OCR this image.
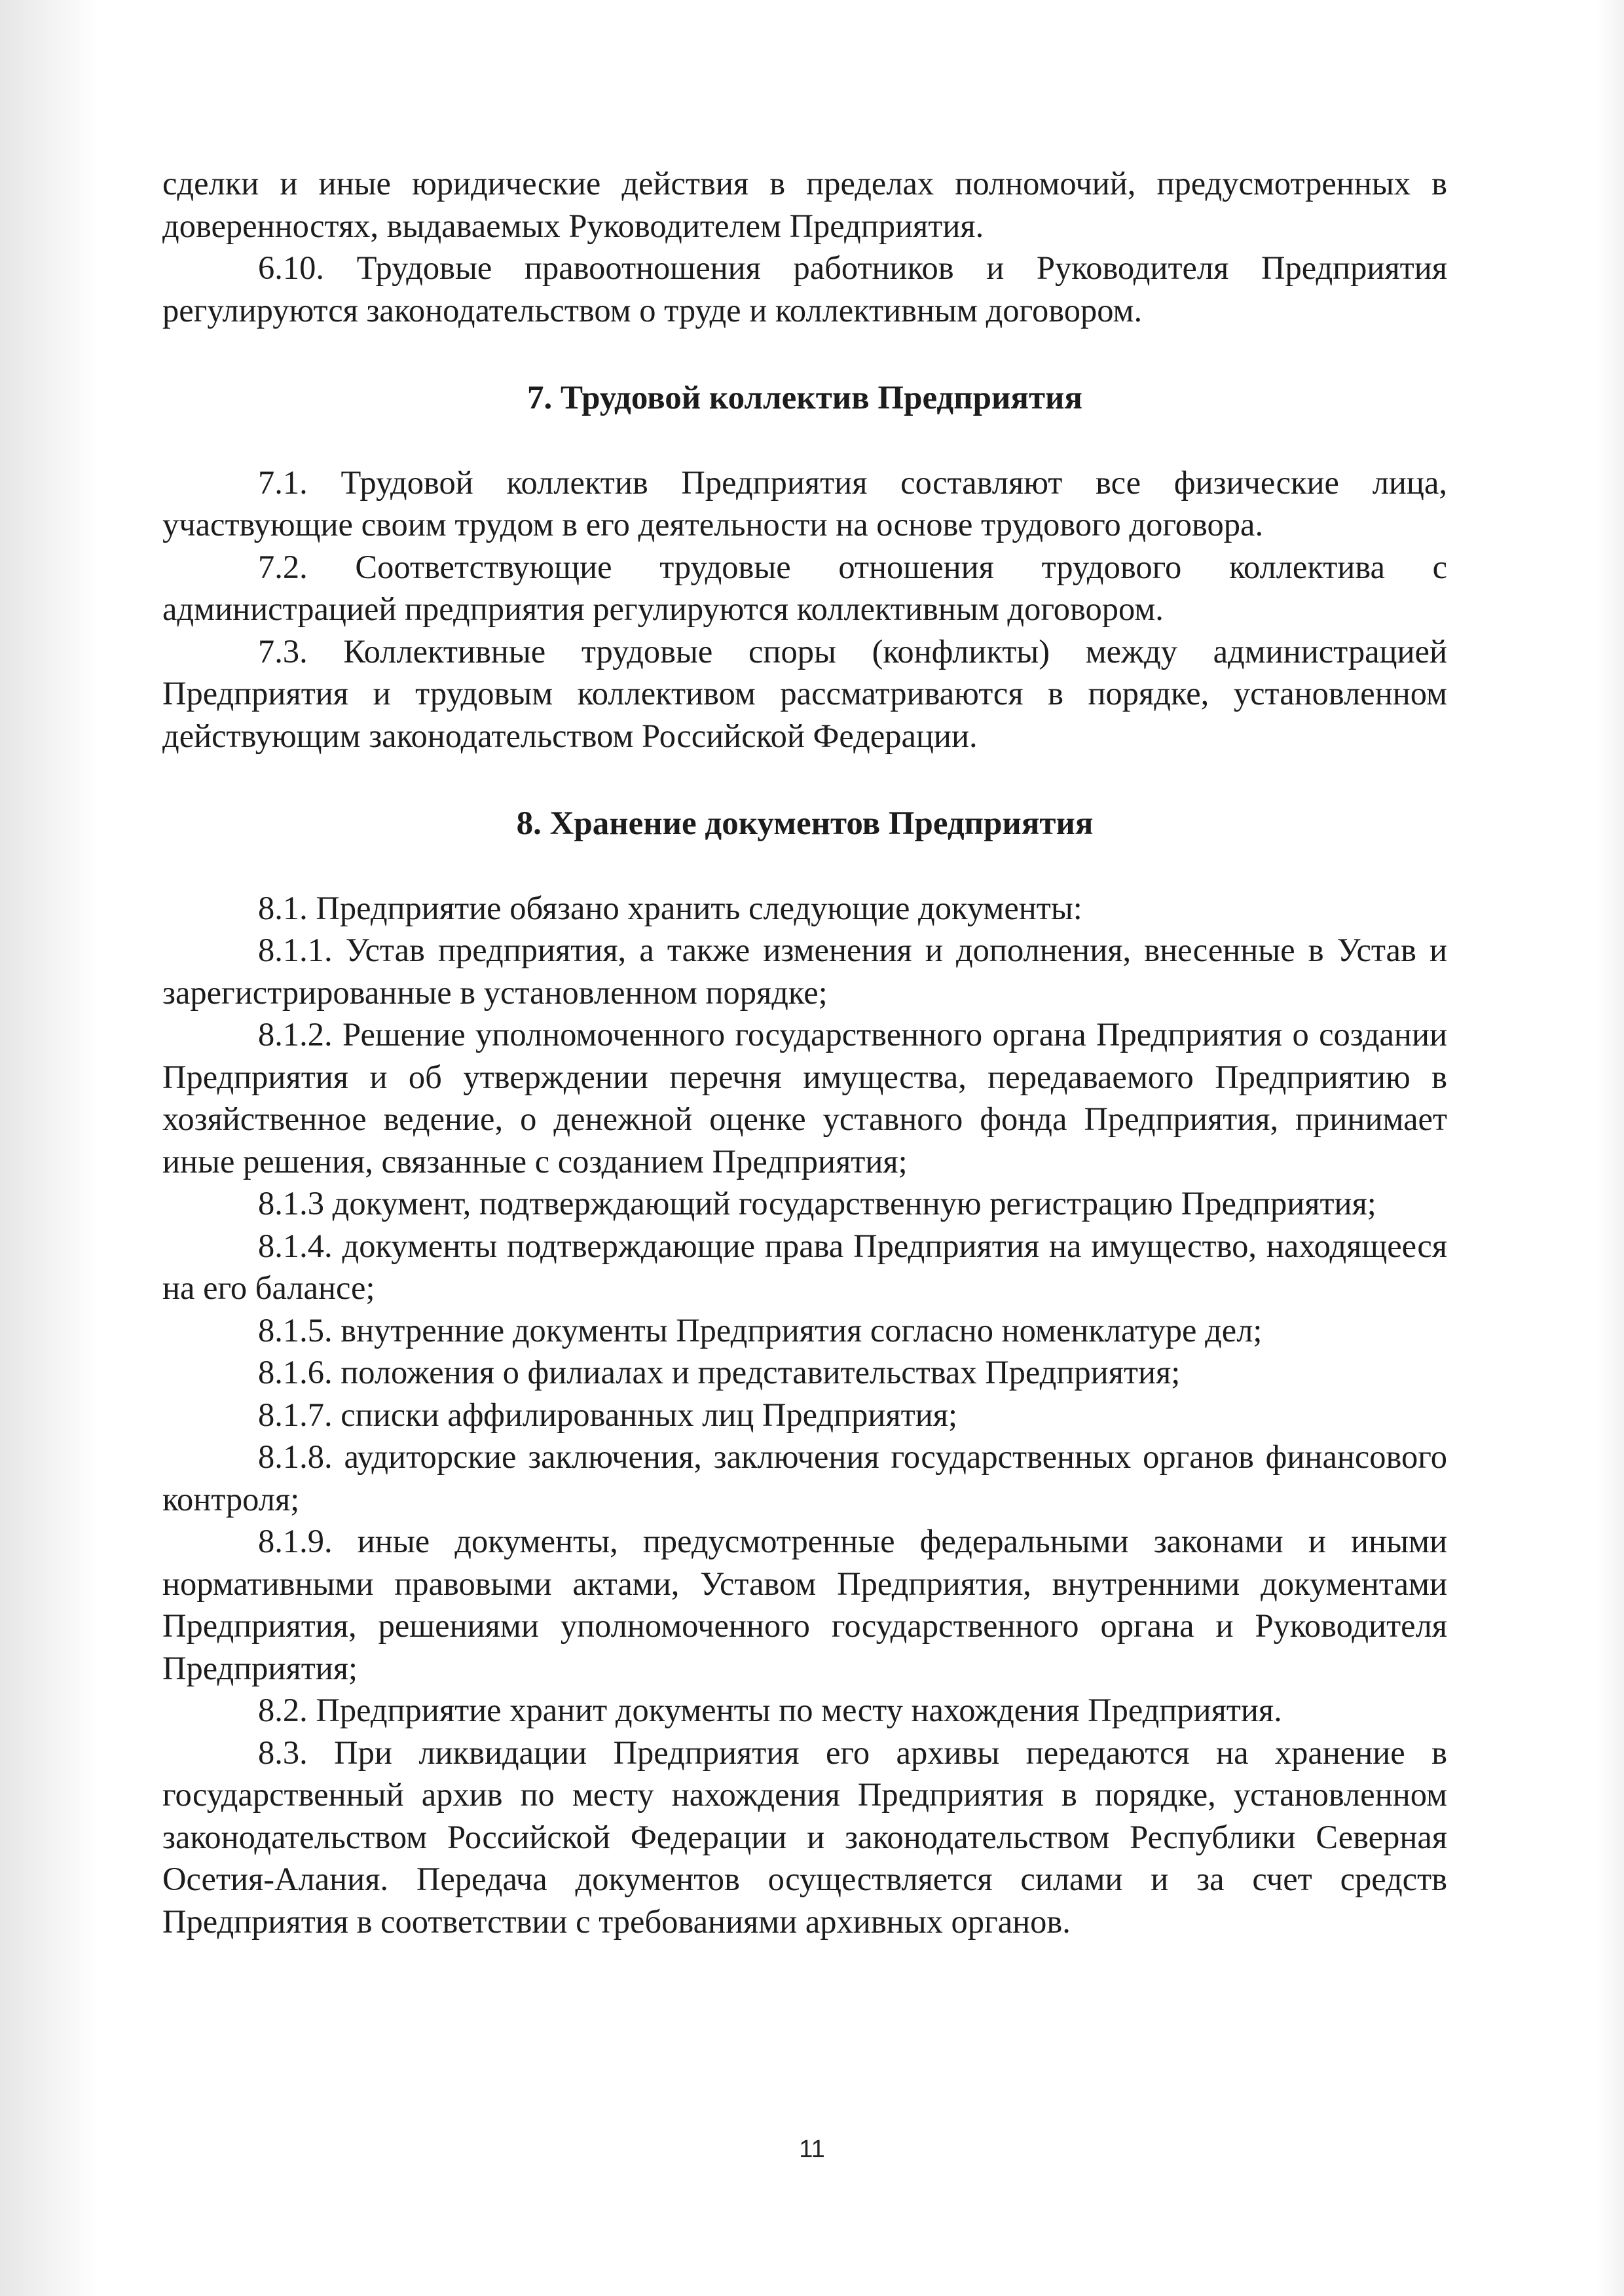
сделки и иные юридические действия в пределах полномочий, предусмотренных в доверенностях, выдаваемых Руководителем Предприятия.

6.10. Трудовые правоотношения работников и Руководителя Предприятия регулируются законодательством о труде и коллективным договором.

7. Трудовой коллектив Предприятия

7.1. Трудовой коллектив Предприятия составляют все физические лица, участвующие своим трудом в его деятельности на основе трудового договора.

7.2. Соответствующие трудовые отношения трудового коллектива с администрацией предприятия регулируются коллективным договором.

7.3. Коллективные трудовые споры (конфликты) между администрацией Предприятия и трудовым коллективом рассматриваются в порядке, установленном действующим законодательством Российской Федерации.

8. Хранение документов Предприятия

8.1. Предприятие обязано хранить следующие документы:

8.1.1. Устав предприятия, а также изменения и дополнения, внесенные в Устав и зарегистрированные в установленном порядке;

8.1.2. Решение уполномоченного государственного органа Предприятия о создании Предприятия и об утверждении перечня имущества, передаваемого Предприятию в хозяйственное ведение, о денежной оценке уставного фонда Предприятия, принимает иные решения, связанные с созданием Предприятия;

8.1.3 документ, подтверждающий государственную регистрацию Предприятия;

8.1.4. документы подтверждающие права Предприятия на имущество, находящееся на его балансе;

8.1.5. внутренние документы Предприятия согласно номенклатуре дел;

8.1.6. положения о филиалах и представительствах Предприятия;

8.1.7. списки аффилированных лиц Предприятия;

8.1.8. аудиторские заключения, заключения государственных органов финансового контроля;

8.1.9. иные документы, предусмотренные федеральными законами и иными нормативными правовыми актами, Уставом Предприятия, внутренними документами Предприятия, решениями уполномоченного государственного органа и Руководителя Предприятия;

8.2. Предприятие хранит документы по месту нахождения Предприятия.

8.3. При ликвидации Предприятия его архивы передаются на хранение в государственный архив по месту нахождения Предприятия в порядке, установленном законодательством Российской Федерации и законодательством Республики Северная Осетия-Алания. Передача документов осуществляется силами и за счет средств Предприятия в соответствии с требованиями архивных органов.

11
